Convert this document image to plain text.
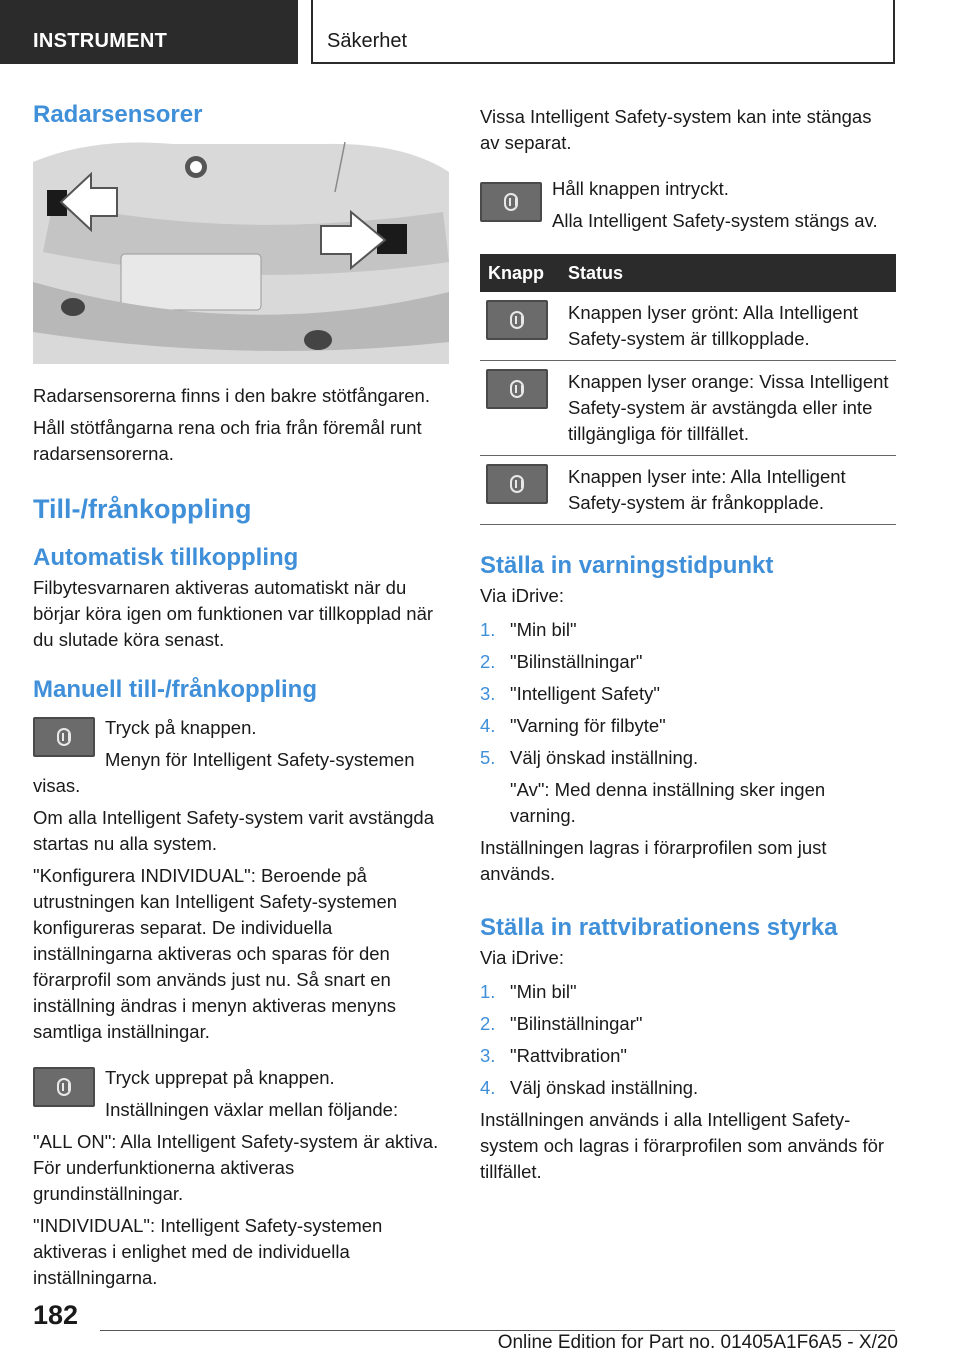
INSTRUMENT	Säkerhet
Radarsensorer

Radarsensorerna finns i den bakre stötfångaren.

Håll stötfångarna rena och fria från föremål runt radarsensorerna.

Till-/frånkoppling
Automatisk tillkoppling

Filbytesvarnaren aktiveras automatiskt när du börjar köra igen om funktionen var tillkopplad när du slutade köra senast.

Manuell till-/frånkoppling

Tryck på knappen.

Menyn för Intelligent Safety-systemen visas.

Om alla Intelligent Safety-system varit avstängda startas nu alla system.

"Konfigurera INDIVIDUAL": Beroende på utrustningen kan Intelligent Safety-systemen konfigureras separat. De individuella inställningarna aktiveras och sparas för den förarprofil som används just nu. Så snart en inställning ändras i menyn aktiveras menyns samtliga inställningar.

Tryck upprepat på knappen.

Inställningen växlar mellan följande:

"ALL ON": Alla Intelligent Safety-system är aktiva. För underfunktionerna aktiveras grundinställningar.

"INDIVIDUAL": Intelligent Safety-systemen aktiveras i enlighet med de individuella inställningarna.

Vissa Intelligent Safety-system kan inte stängas av separat.

Håll knappen intryckt.

Alla Intelligent Safety-system stängs av.

Knapp	Status

	Knappen lyser grönt: Alla Intelligent Safety-system är tillkopplade.

	Knappen lyser orange: Vissa Intelligent Safety-system är avstängda eller inte tillgängliga för tillfället.

	Knappen lyser inte: Alla Intelligent Safety-system är frånkopplade.
Ställa in varningstidpunkt

Via iDrive:

1. "Min bil"
2. "Bilinställningar"
3. "Intelligent Safety"
4. "Varning för filbyte"
5. Välj önskad inställning.
"Av": Med denna inställning sker ingen varning.

Inställningen lagras i förarprofilen som just används.

Ställa in rattvibrationens styrka

Via iDrive:

1. "Min bil"
2. "Bilinställningar"
3. "Rattvibration"
4. Välj önskad inställning.

Inställningen används i alla Intelligent Safety-system och lagras i förarprofilen som används för tillfället.

182
Online Edition for Part no. 01405A1F6A5 - X/20
